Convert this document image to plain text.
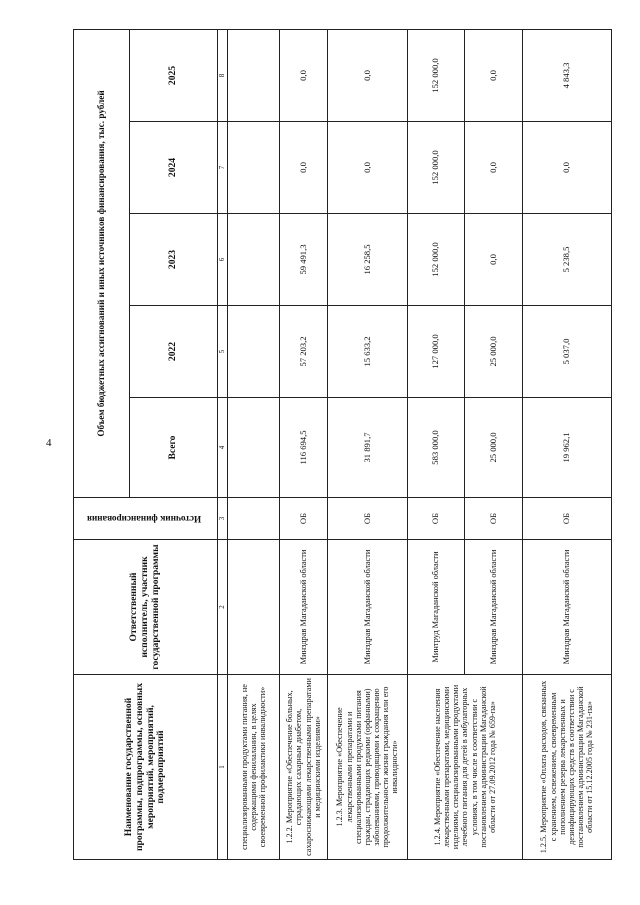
4
Наименование государственной программы, подпрограммы, основных мероприятий, мероприятий, подмероприятий	Ответственный исполнитель, участник государственной программы	Источник финансирования	Объем бюджетных ассигнований и иных источников финансирования, тыс. рублей				
			Всего	2022	2023	2024	2025
1	2	3	4	5	6	7	8
специализированными продуктами питания, не содержащими фенилаланин, в целях своевременной профилактики инвалидности»							
1.2.2. Мероприятие «Обеспечение больных, страдающих сахарным диабетом, сахароснижающими лекарственными препаратами и медицинскими изделиями»	Минздрав Магаданской области	ОБ	116 694,5	57 203,2	59 491,3	0,0	0,0
1.2.3. Мероприятие «Обеспечение лекарственными препаратами и специализированными продуктами питания граждан, страдающих редкими (орфанными) заболеваниями, приводящими к сокращению продолжительности жизни граждания или его инвалидности»	Минздрав Магаданской области	ОБ	31 891,7	15 633,2	16 258,5	0,0	0,0
1.2.4. Мероприятие «Обеспечение населения лекарственными препаратами, медицинскими изделиями, специализированными продуктами лечебного питания для детей в амбулаторных условиях, в том числе в соответствии с постановлением администрации Магаданской области от 27.09.2012 года № 659-па»	Минтруд Магаданской области	ОБ	583 000,0	127 000,0	152 000,0	152 000,0	152 000,0
	Минздрав Магаданской области	ОБ	25 000,0	25 000,0	0,0	0,0	0,0
1.2.5. Мероприятие «Оплата расходов, связанных с хранением, освежением, своевременным пополнением резерва лекарственных и дезинфицирующих средств в соответствии с постановлением администрации Магаданской области от 15.12.2005 года № 231-па»	Минздрав Магаданской области	ОБ	19 962,1	5 037,0	5 238,5	0,0	4 843,3
